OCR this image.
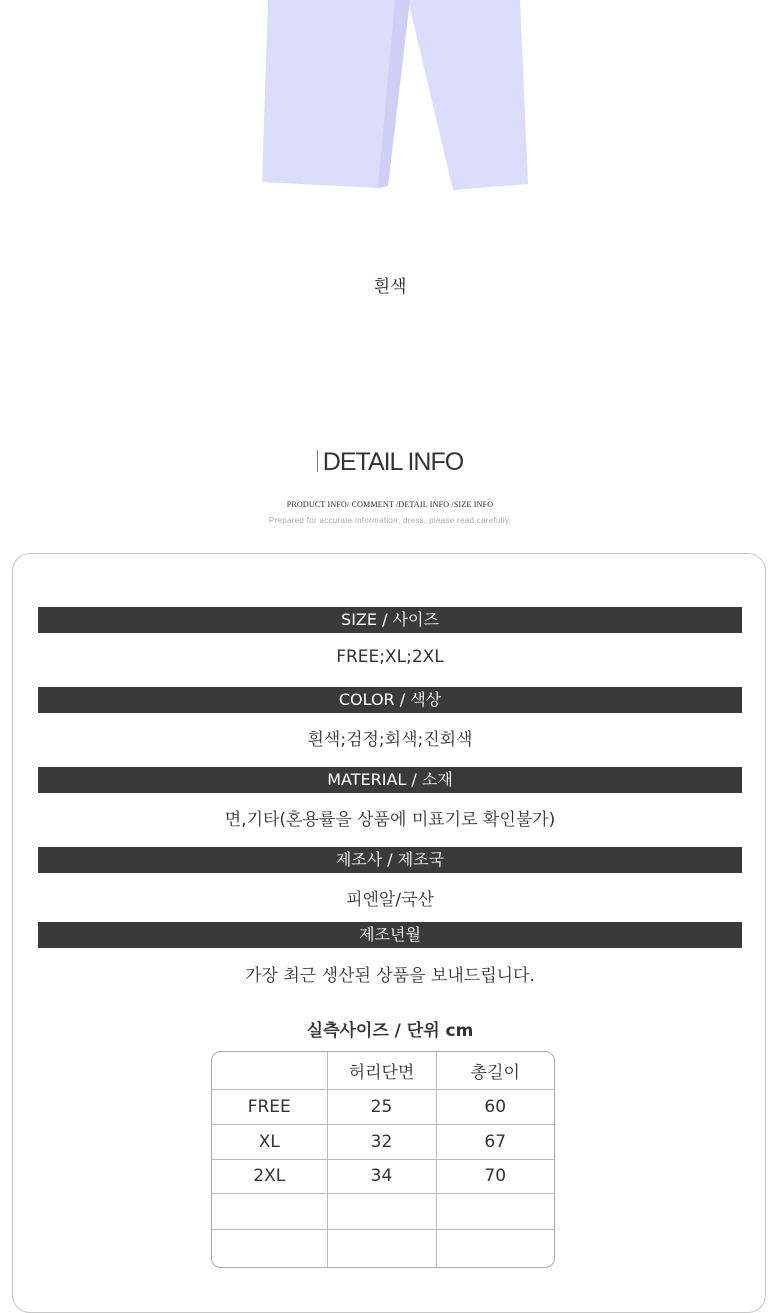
흰색
DETAIL INFO
PRODUCT INFO/ COMMENT /DETAIL INFO /SIZE INFO
Prepared for accurate information, dress, please read carefully.
SIZE / 사이즈
FREE;XL;2XL
COLOR / 색상
흰색;검정;회색;진회색
MATERIAL / 소재
면,기타(혼용률을 상품에 미표기로 확인불가)
제조사 / 제조국
피엔알/국산
제조년월
가장 최근 생산된 상품을 보내드립니다.
실측사이즈 / 단위 cm
	허리단면	총길이
FREE	25	60
XL	32	67
2XL	34	70
